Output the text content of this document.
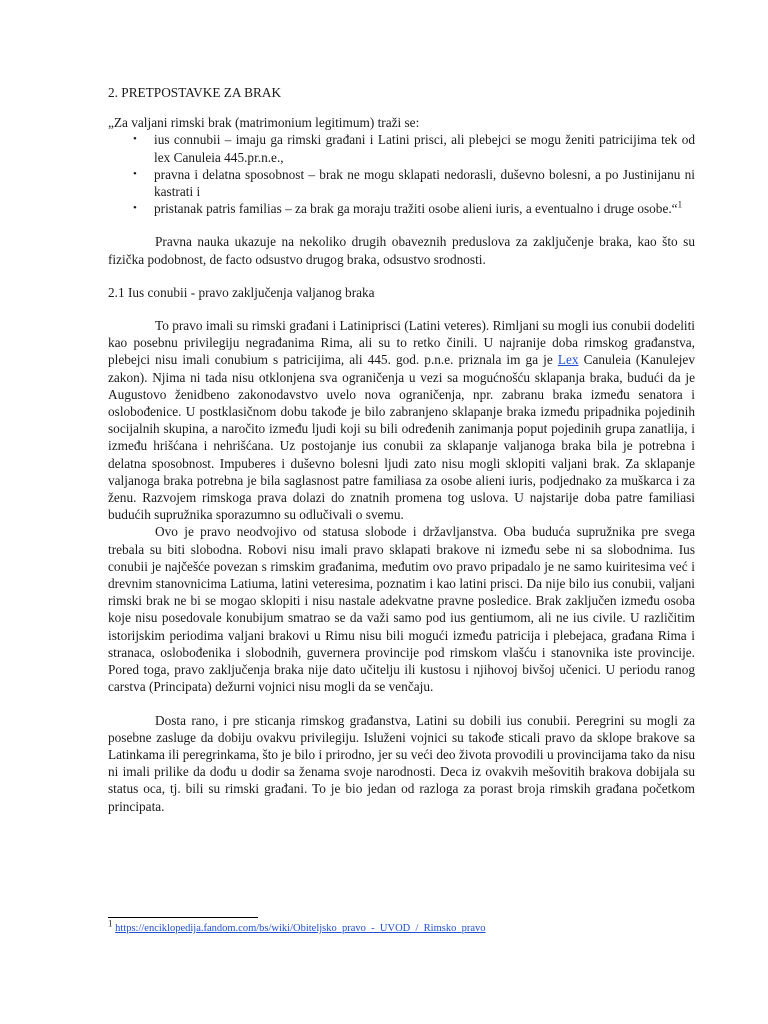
2. PRETPOSTAVKE ZA BRAK

„Za valjani rimski brak (matrimonium legitimum) traži se:

• ius connubii – imaju ga rimski građani i Latini prisci, ali plebejci se mogu ženiti patricijima tek od lex Canuleia 445.pr.n.e.,
• pravna i delatna sposobnost – brak ne mogu sklapati nedorasli, duševno bolesni, a po Justinijanu ni kastrati i
• pristanak patris familias – za brak ga moraju tražiti osobe alieni iuris, a eventualno i druge osobe.“$^1$

Pravna nauka ukazuje na nekoliko drugih obaveznih preduslova za zaključenje braka, kao što su fizička podobnost, de facto odsustvo drugog braka, odsustvo srodnosti.

2.1 Ius conubii - pravo zaključenja valjanog braka

To pravo imali su rimski građani i Latinipriscі (Latini veteres). Rimljani su mogli ius conubii dodeliti kao posebnu privilegiju negrađanima Rima, ali su to retko činili. U najranije doba rimskog građanstva, plebejci nisu imali conubium s patricijima, ali 445. god. p.n.e. priznala im ga je Lex Canuleia (Kanulejev zakon). Njima ni tada nisu otklonjena sva ograničenja u vezi sa mogućnošću sklapanja braka, budući da je Augustovo ženidbeno zakonodavstvo uvelo nova ograničenja, npr. zabranu braka između senatora i oslobođenice. U postklasičnom dobu takođe je bilo zabranjeno sklapanje braka između pripadnika pojedinih socijalnih skupina, a naročito između ljudi koji su bili određenih zanimanja poput pojedinih grupa zanatlija, i između hrišćana i nehrišćana. Uz postojanje ius conubii za sklapanje valjanoga braka bila je potrebna i delatna sposobnost. Impuberes i duševno bolesni ljudi zato nisu mogli sklopiti valjani brak. Za sklapanje valjanoga braka potrebna je bila saglasnost patre familiasa za osobe alieni iuris, podjednako za muškarca i za ženu. Razvojem rimskoga prava dolazi do znatnih promena tog uslova. U najstarije doba patre familiasi budućih supružnika sporazumno su odlučivali o svemu.

Ovo je pravo neodvojivo od statusa slobode i državljanstva. Oba buduća supružnika pre svega trebala su biti slobodna. Robovi nisu imali pravo sklapati brakove ni između sebe ni sa slobodnima. Ius conubii je najčešće povezan s rimskim građanima, međutim ovo pravo pripadalo je ne samo kuiritesima već i drevnim stanovnicima Latiuma, latini veteresima, poznatim i kao latini prisci. Da nije bilo ius conubii, valjani rimski brak ne bi se mogao sklopiti i nisu nastale adekvatne pravne posledice. Brak zaključen između osoba koje nisu posedovale konubijum smatrao se da važi samo pod ius gentiumom, ali ne ius civile. U različitim istorijskim periodima valjani brakovi u Rimu nisu bili mogući između patricija i plebejaca, građana Rima i stranaca, oslobođenika i slobodnih, guvernera provincije pod rimskom vlašću i stanovnika iste provincije. Pored toga, pravo zaključenja braka nije dato učitelju ili kustosu i njihovoj bivšoj učenici. U periodu ranog carstva (Principata) dežurni vojnici nisu mogli da se venčaju.

Dosta rano, i pre sticanja rimskog građanstva, Latini su dobili ius conubii. Peregrini su mogli za posebne zasluge da dobiju ovakvu privilegiju. Isluženi vojnici su takođe sticali pravo da sklope brakove sa Latinkama ili peregrinkama, što je bilo i prirodno, jer su veći deo života provodili u provincijama tako da nisu ni imali prilike da dođu u dodir sa ženama svoje narodnosti. Deca iz ovakvih mešovitih brakova dobijala su status oca, tj. bili su rimski građani. To je bio jedan od razloga za porast broja rimskih građana početkom principata.

$^1$ https://enciklopedija.fandom.com/bs/wiki/Obiteljsko_pravo_-_UVOD_/_Rimsko_pravo
